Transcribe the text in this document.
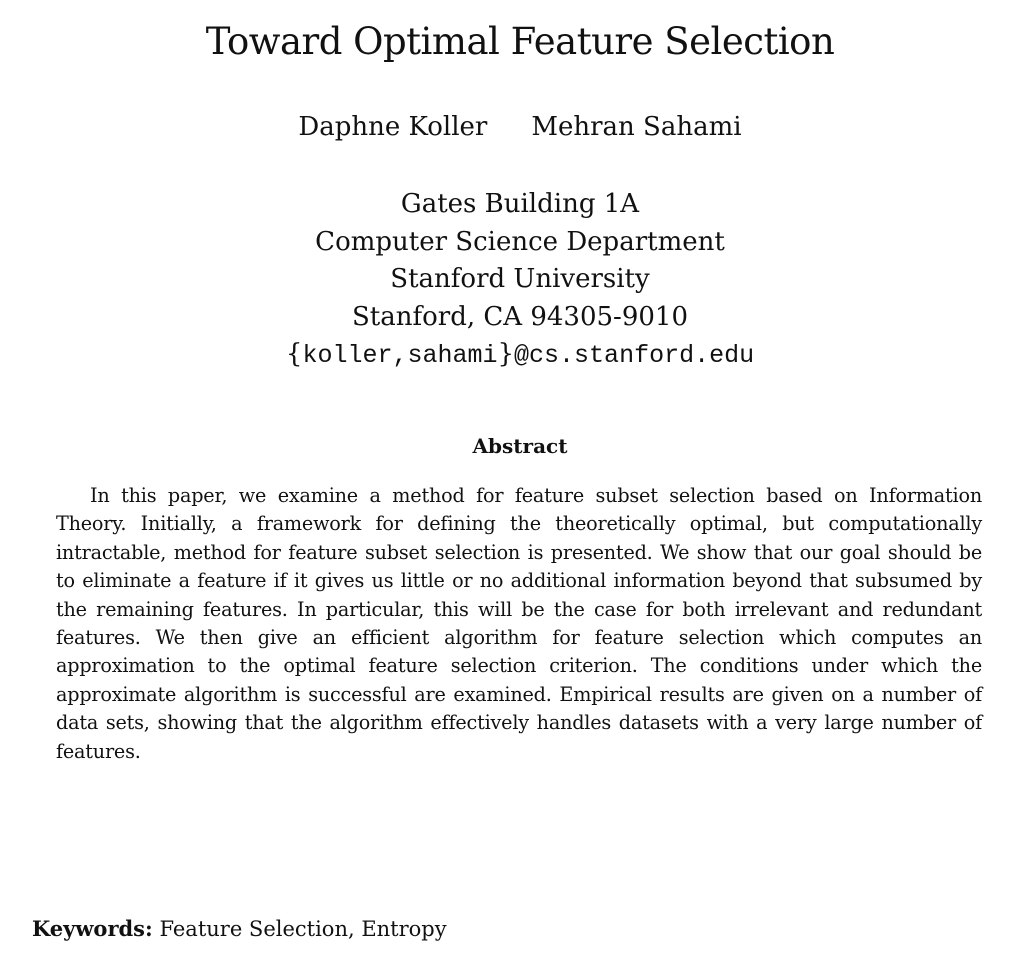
Toward Optimal Feature Selection
Daphne Koller Mehran Sahami
Gates Building 1A
Computer Science Department
Stanford University
Stanford, CA 94305-9010
{koller,sahami}@cs.stanford.edu
Abstract

In this paper, we examine a method for feature subset selection based on Information Theory. Initially, a framework for defining the theoretically optimal, but computationally intractable, method for feature subset selection is presented. We show that our goal should be to eliminate a feature if it gives us little or no additional information beyond that subsumed by the remaining features. In particular, this will be the case for both irrelevant and redundant features. We then give an efficient algorithm for feature selection which computes an approximation to the optimal feature selection criterion. The conditions under which the approximate algorithm is successful are examined. Empirical results are given on a number of data sets, showing that the algorithm effectively handles datasets with a very large number of features.

Keywords: Feature Selection, Entropy
